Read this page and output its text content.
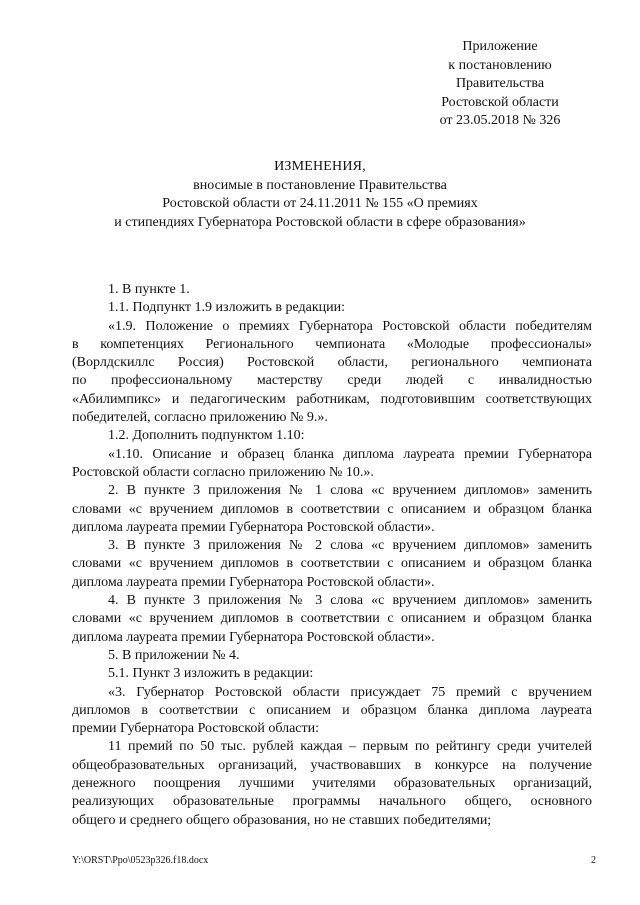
Приложение
к постановлению
Правительства
Ростовской области
от 23.05.2018 № 326
ИЗМЕНЕНИЯ,
вносимые в постановление Правительства
Ростовской области от 24.11.2011 № 155 «О премиях
и стипендиях Губернатора Ростовской области в сфере образования»
1. В пункте 1.
1.1. Подпункт 1.9 изложить в редакции:
«1.9. Положение о премиях Губернатора Ростовской области победителям
в компетенциях Регионального чемпионата «Молодые профессионалы»
(Ворлдскиллс Россия) Ростовской области, регионального чемпионата
по профессиональному мастерству среди людей с инвалидностью
«Абилимпикс» и педагогическим работникам, подготовившим соответствующих
победителей, согласно приложению № 9.».
1.2. Дополнить подпунктом 1.10:
«1.10. Описание и образец бланка диплома лауреата премии Губернатора
Ростовской области согласно приложению № 10.».
2. В пункте 3 приложения № 1 слова «с вручением дипломов» заменить
словами «с вручением дипломов в соответствии с описанием и образцом бланка
диплома лауреата премии Губернатора Ростовской области».
3. В пункте 3 приложения № 2 слова «с вручением дипломов» заменить
словами «с вручением дипломов в соответствии с описанием и образцом бланка
диплома лауреата премии Губернатора Ростовской области».
4. В пункте 3 приложения № 3 слова «с вручением дипломов» заменить
словами «с вручением дипломов в соответствии с описанием и образцом бланка
диплома лауреата премии Губернатора Ростовской области».
5. В приложении № 4.
5.1. Пункт 3 изложить в редакции:
«3. Губернатор Ростовской области присуждает 75 премий с вручением
дипломов в соответствии с описанием и образцом бланка диплома лауреата
премии Губернатора Ростовской области:
11 премий по 50 тыс. рублей каждая – первым по рейтингу среди учителей
общеобразовательных организаций, участвовавших в конкурсе на получение
денежного поощрения лучшими учителями образовательных организаций,
реализующих образовательные программы начального общего, основного
общего и среднего общего образования, но не ставших победителями;
Y:\ORST\Ppo\0523p326.f18.docx	2
